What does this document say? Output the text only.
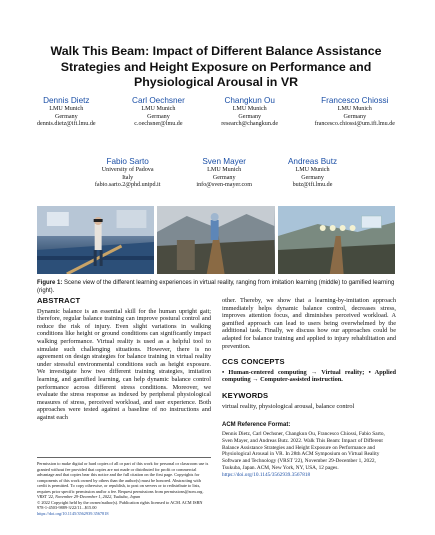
Walk This Beam: Impact of Different Balance Assistance Strategies and Height Exposure on Performance and Physiological Arousal in VR
Dennis Dietz
LMU Munich
Germany
dennis.dietz@ifi.lmu.de
Carl Oechsner
LMU Munich
Germany
c.oechsner@lmu.de
Changkun Ou
LMU Munich
Germany
research@changkun.de
Francesco Chiossi
LMU Munich
Germany
francesco.chiossi@um.ifi.lmu.de
Fabio Sarto
University of Padova
Italy
fabio.sarto.2@phd.unipd.it
Sven Mayer
LMU Munich
Germany
info@sven-mayer.com
Andreas Butz
LMU Munich
Germany
butz@ifi.lmu.de
Figure 1: Scene view of the different learning experiences in virtual reality, ranging from imitation learning (middle) to gamified learning (right).
ABSTRACT

Dynamic balance is an essential skill for the human upright gait; therefore, regular balance training can improve postural control and reduce the risk of injury. Even slight variations in walking conditions like height or ground conditions can significantly impact walking performance. Virtual reality is used as a helpful tool to simulate such challenging situations. However, there is no agreement on design strategies for balance training in virtual reality under stressful environmental conditions such as height exposure. We investigate how two different training strategies, imitation learning, and gamified learning, can help dynamic balance control performance across different stress conditions. Moreover, we evaluate the stress response as indexed by peripheral physiological measures of stress, perceived workload, and user experience. Both approaches were tested against a baseline of no instructions and against each

Permission to make digital or hard copies of all or part of this work for personal or classroom use is granted without fee provided that copies are not made or distributed for profit or commercial advantage and that copies bear this notice and the full citation on the first page. Copyrights for components of this work owned by others than the author(s) must be honored. Abstracting with credit is permitted. To copy otherwise, or republish, to post on servers or to redistribute to lists, requires prior specific permission and/or a fee. Request permissions from permissions@acm.org.
VRST '22, November 29-December 1, 2022, Tsukuba, Japan
© 2022 Copyright held by the owner/author(s). Publication rights licensed to ACM. ACM ISBN 978-1-4503-9889-3/22/11...$15.00
https://doi.org/10.1145/3562939.3567818

other. Thereby, we show that a learning-by-imitation approach immediately helps dynamic balance control, decreases stress, improves attention focus, and diminishes perceived workload. A gamified approach can lead to users being overwhelmed by the additional task. Finally, we discuss how our approaches could be adapted for balance training and applied to injury rehabilitation and prevention.

CCS CONCEPTS

• Human-centered computing → Virtual reality; • Applied computing → Computer-assisted instruction.

KEYWORDS

virtual reality, physiological arousal, balance control

ACM Reference Format:
Dennis Dietz, Carl Oechsner, Changkun Ou, Francesco Chiossi, Fabio Sarto, Sven Mayer, and Andreas Butz. 2022. Walk This Beam: Impact of Different Balance Assistance Strategies and Height Exposure on Performance and Physiological Arousal in VR. In 28th ACM Symposium on Virtual Reality Software and Technology (VRST '22), November 29-December 1, 2022, Tsukuba, Japan. ACM, New York, NY, USA, 12 pages. https://doi.org/10.1145/3562939.3567818
